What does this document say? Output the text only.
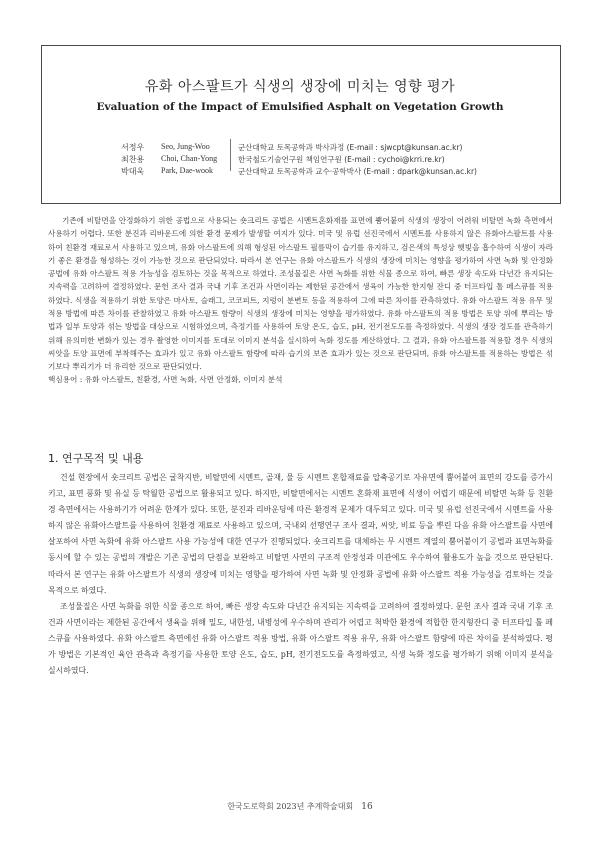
유화 아스팔트가 식생의 생장에 미치는 영향 평가
Evaluation of the Impact of Emulsified Asphalt on Vegetation Growth
서정우 Seo, Jung-Woo	군산대학교 토목공학과 박사과정 (E-mail : sjwcpt@kunsan.ac.kr)
최찬용 Choi, Chan-Yong	한국철도기술연구원 책임연구원 (E-mail : cychoi@krri.re.kr)
박대욱 Park, Dae-wook	군산대학교 토목공학과 교수·공학박사 (E-mail : dpark@kunsan.ac.kr)

기존에 비탈면을 안정화하기 위한 공법으로 사용되는 숏크리트 공법은 시멘트혼화재를 표면에 뿜어붙여 식생의 생장이 어려워 비탈면 녹화 측면에서 사용하기 어렵다. 또한 분진과 리바운드에 의한 환경 문제가 발생할 여지가 있다. 미국 및 유럽 선진국에서 시멘트를 사용하지 않은 유화아스팔트를 사용하여 친환경 재료로서 사용하고 있으며, 유화 아스팔트에 의해 형성된 아스팔트 필름막이 습기를 유지하고, 검은색의 특성상 햇빛을 흡수하여 식생이 자라기 좋은 환경을 형성하는 것이 가능한 것으로 판단되었다. 따라서 본 연구는 유화 아스팔트가 식생의 생장에 미치는 영향을 평가하여 사면 녹화 및 안정화 공법에 유화 아스팔트 적용 가능성을 검토하는 것을 목적으로 하였다. 조성물질은 사면 녹화를 위한 식물 종으로 하여, 빠른 생장 속도와 다년간 유지되는 지속력을 고려하여 결정하였다. 문헌 조사 결과 국내 기후 조건과 사면이라는 제한된 공간에서 생육이 가능한 한지형 잔디 중 터프타입 톨 페스큐를 적용하였다. 식생을 적용하기 위한 토양은 마사토, 슬래그, 코코피트, 지렁이 분변토 등을 적용하여 그에 따른 차이를 관측하였다. 유화 아스팔트 적용 유무 및 적용 방법에 따른 차이를 관찰하였고 유화 아스팔트 함량이 식생의 생장에 미치는 영향을 평가하였다. 유화 아스팔트의 적용 방법은 토양 위에 뿌리는 방법과 일부 토양과 섞는 방법을 대상으로 시험하였으며, 측정기를 사용하여 토양 온도, 습도, pH, 전기전도도를 측정하였다. 식생의 생장 정도를 관측하기 위해 유의미한 변화가 있는 경우 촬영한 이미지를 토대로 이미지 분석을 실시하여 녹화 정도를 계산하였다. 그 결과, 유화 아스팔트를 적용할 경우 식생의 씨앗을 토양 표면에 부착해주는 효과가 있고 유화 아스팔트 함량에 따라 습기의 보존 효과가 있는 것으로 판단되며, 유화 아스팔트를 적용하는 방법은 섞기보다 뿌리기가 더 유리한 것으로 판단되었다.

핵심용어 : 유화 아스팔트, 친환경, 사면 녹화, 사면 안정화, 이미지 분석
1. 연구목적 및 내용

건설 현장에서 숏크리트 공법은 굴착지반, 비탈면에 시멘트, 골재, 물 등 시멘트 혼합재료를 압축공기로 자유면에 뿜어붙여 표면의 강도를 증가시키고, 표면 풍화 및 유실 등 탁월한 공법으로 활용되고 있다. 하지만, 비탈면에서는 시멘트 혼화재 표면에 식생이 어렵기 때문에 비탈면 녹화 등 친환경 측면에서는 사용하기가 어려운 한계가 있다. 또한, 분진과 리바운딩에 따른 환경적 문제가 대두되고 있다. 미국 및 유럽 선진국에서 시멘트를 사용하지 않은 유화아스팔트를 사용하여 친환경 재료로 사용하고 있으며, 국내외 선행연구 조사 결과, 씨앗, 비료 등을 뿌린 다음 유화 아스팔트를 사면에 살포하여 사면 녹화에 유화 아스팔트 사용 가능성에 대한 연구가 진행되었다. 숏크리트를 대체하는 무 시멘트 계열의 뿜어붙이기 공법과 표면녹화를 동시에 할 수 있는 공법의 개발은 기존 공법의 단점을 보완하고 비탈면 사면의 구조적 안정성과 미관에도 우수하여 활용도가 높을 것으로 판단된다. 따라서 본 연구는 유화 아스팔트가 식생의 생장에 미치는 영향을 평가하여 사면 녹화 및 안정화 공법에 유화 아스팔트 적용 가능성을 검토하는 것을 목적으로 하였다.

조성물질은 사면 녹화를 위한 식물 종으로 하여, 빠른 생장 속도와 다년간 유지되는 지속력을 고려하여 결정하였다. 문헌 조사 결과 국내 기후 조건과 사면이라는 제한된 공간에서 생육을 위해 밀도, 내한성, 내병성에 우수하며 관리가 어렵고 척박한 환경에 적합한 한지형잔디 중 터프타입 톨 페스큐를 사용하였다. 유화 아스팔트 측면에선 유화 아스팔트 적용 방법, 유화 아스팔트 적용 유무, 유화 아스팔트 함량에 따른 차이를 분석하였다. 평가 방법은 기본적인 육안 관측과 측정기를 사용한 토양 온도, 습도, pH, 전기전도도를 측정하였고, 식생 녹화 정도를 평가하기 위해 이미지 분석을 실시하였다.

한국도로학회 2023년 추계학술대회 16
